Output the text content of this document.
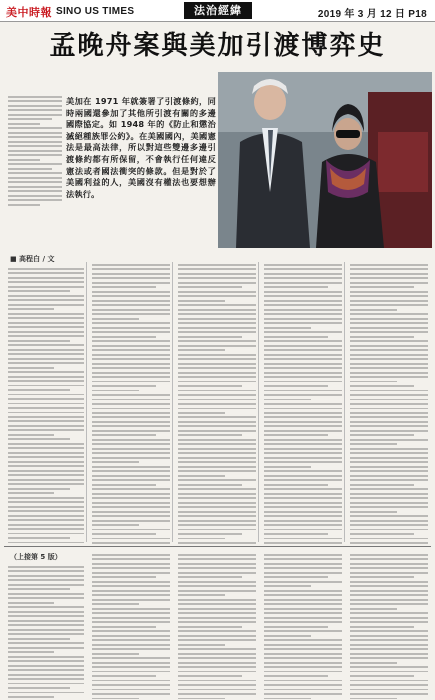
美中時報 SINO US TIMES	法治經緯	2019 年 3 月 12 日 P18
孟晚舟案與美加引渡博弈史
美加在 1971 年就簽署了引渡條約，同時兩國還參加了其他所引渡有關的多邊國際協定。如 1948 年的《防止和懲治滅絕種族罪公約》。在美國國內，美國憲法是最高法律，所以對這些雙邊多邊引渡條約都有所保留，不會執行任何違反憲法或者國法衝突的條款。但是對於了美國利益的人，美國沒有權法也要想辦法執行。
■ 高程白 / 文
（上接第 5 版）
